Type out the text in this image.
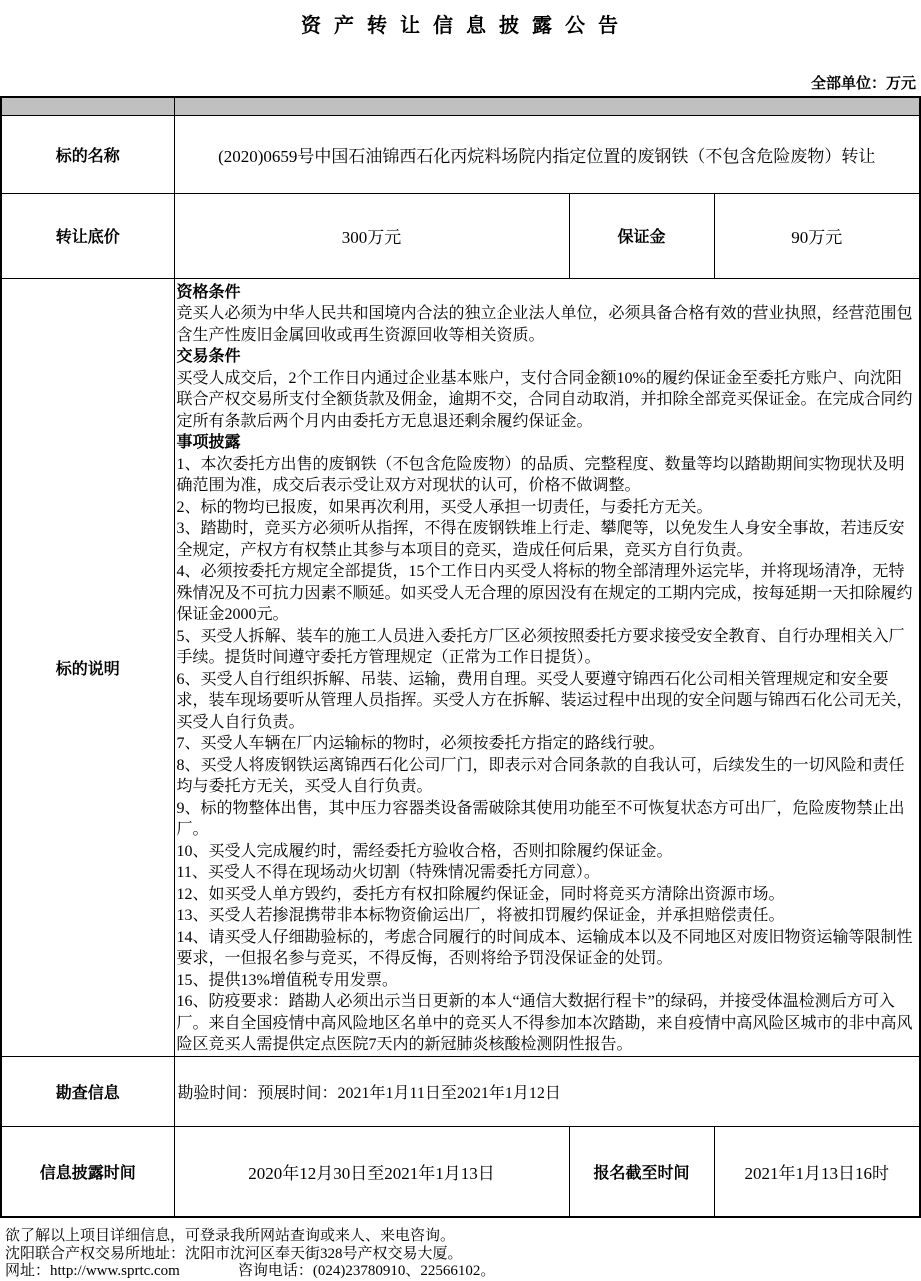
资产转让信息披露公告
全部单位：万元

标的名称	(2020)0659号中国石油锦西石化丙烷料场院内指定位置的废钢铁（不包含危险废物）转让		
转让底价	300万元	保证金	90万元
标的说明	
资格条件
竞买人必须为中华人民共和国境内合法的独立企业法人单位，必须具备合格有效的营业执照，经营范围包含生产性废旧金属回收或再生资源回收等相关资质。
交易条件
买受人成交后，2个工作日内通过企业基本账户，支付合同金额10%的履约保证金至委托方账户、向沈阳联合产权交易所支付全额货款及佣金，逾期不交，合同自动取消，并扣除全部竞买保证金。在完成合同约定所有条款后两个月内由委托方无息退还剩余履约保证金。
事项披露
1、本次委托方出售的废钢铁（不包含危险废物）的品质、完整程度、数量等均以踏勘期间实物现状及明确范围为准，成交后表示受让双方对现状的认可，价格不做调整。
2、标的物均已报废，如果再次利用，买受人承担一切责任，与委托方无关。
3、踏勘时，竞买方必须听从指挥，不得在废钢铁堆上行走、攀爬等，以免发生人身安全事故，若违反安全规定，产权方有权禁止其参与本项目的竞买，造成任何后果，竞买方自行负责。
4、必须按委托方规定全部提货，15个工作日内买受人将标的物全部清理外运完毕，并将现场清净，无特殊情况及不可抗力因素不顺延。如买受人无合理的原因没有在规定的工期内完成，按每延期一天扣除履约保证金2000元。
5、买受人拆解、装车的施工人员进入委托方厂区必须按照委托方要求接受安全教育、自行办理相关入厂手续。提货时间遵守委托方管理规定（正常为工作日提货）。
6、买受人自行组织拆解、吊装、运输，费用自理。买受人要遵守锦西石化公司相关管理规定和安全要求，装车现场要听从管理人员指挥。买受人方在拆解、装运过程中出现的安全问题与锦西石化公司无关，买受人自行负责。
7、买受人车辆在厂内运输标的物时，必须按委托方指定的路线行驶。
8、买受人将废钢铁运离锦西石化公司厂门，即表示对合同条款的自我认可，后续发生的一切风险和责任均与委托方无关，买受人自行负责。
9、标的物整体出售，其中压力容器类设备需破除其使用功能至不可恢复状态方可出厂，危险废物禁止出厂。
10、买受人完成履约时，需经委托方验收合格，否则扣除履约保证金。
11、买受人不得在现场动火切割（特殊情况需委托方同意）。
12、如买受人单方毁约，委托方有权扣除履约保证金，同时将竞买方清除出资源市场。
13、买受人若掺混携带非本标物资偷运出厂，将被扣罚履约保证金，并承担赔偿责任。
14、请买受人仔细勘验标的，考虑合同履行的时间成本、运输成本以及不同地区对废旧物资运输等限制性要求，一但报名参与竞买，不得反悔，否则将给予罚没保证金的处罚。
15、提供13%增值税专用发票。
16、防疫要求：踏勘人必须出示当日更新的本人“通信大数据行程卡”的绿码，并接受体温检测后方可入厂。来自全国疫情中高风险地区名单中的竞买人不得参加本次踏勘，来自疫情中高风险区城市的非中高风险区竞买人需提供定点医院7天内的新冠肺炎核酸检测阴性报告。

勘查信息	勘验时间：预展时间：2021年1月11日至2021年1月12日		
信息披露时间	2020年12月30日至2021年1月13日	报名截至时间	2021年1月13日16时
欲了解以上项目详细信息，可登录我所网站查询或来人、来电咨询。
沈阳联合产权交易所地址：沈阳市沈河区奉天街328号产权交易大厦。
网址：http://www.sprtc.com	咨询电话：(024)23780910、22566102。
